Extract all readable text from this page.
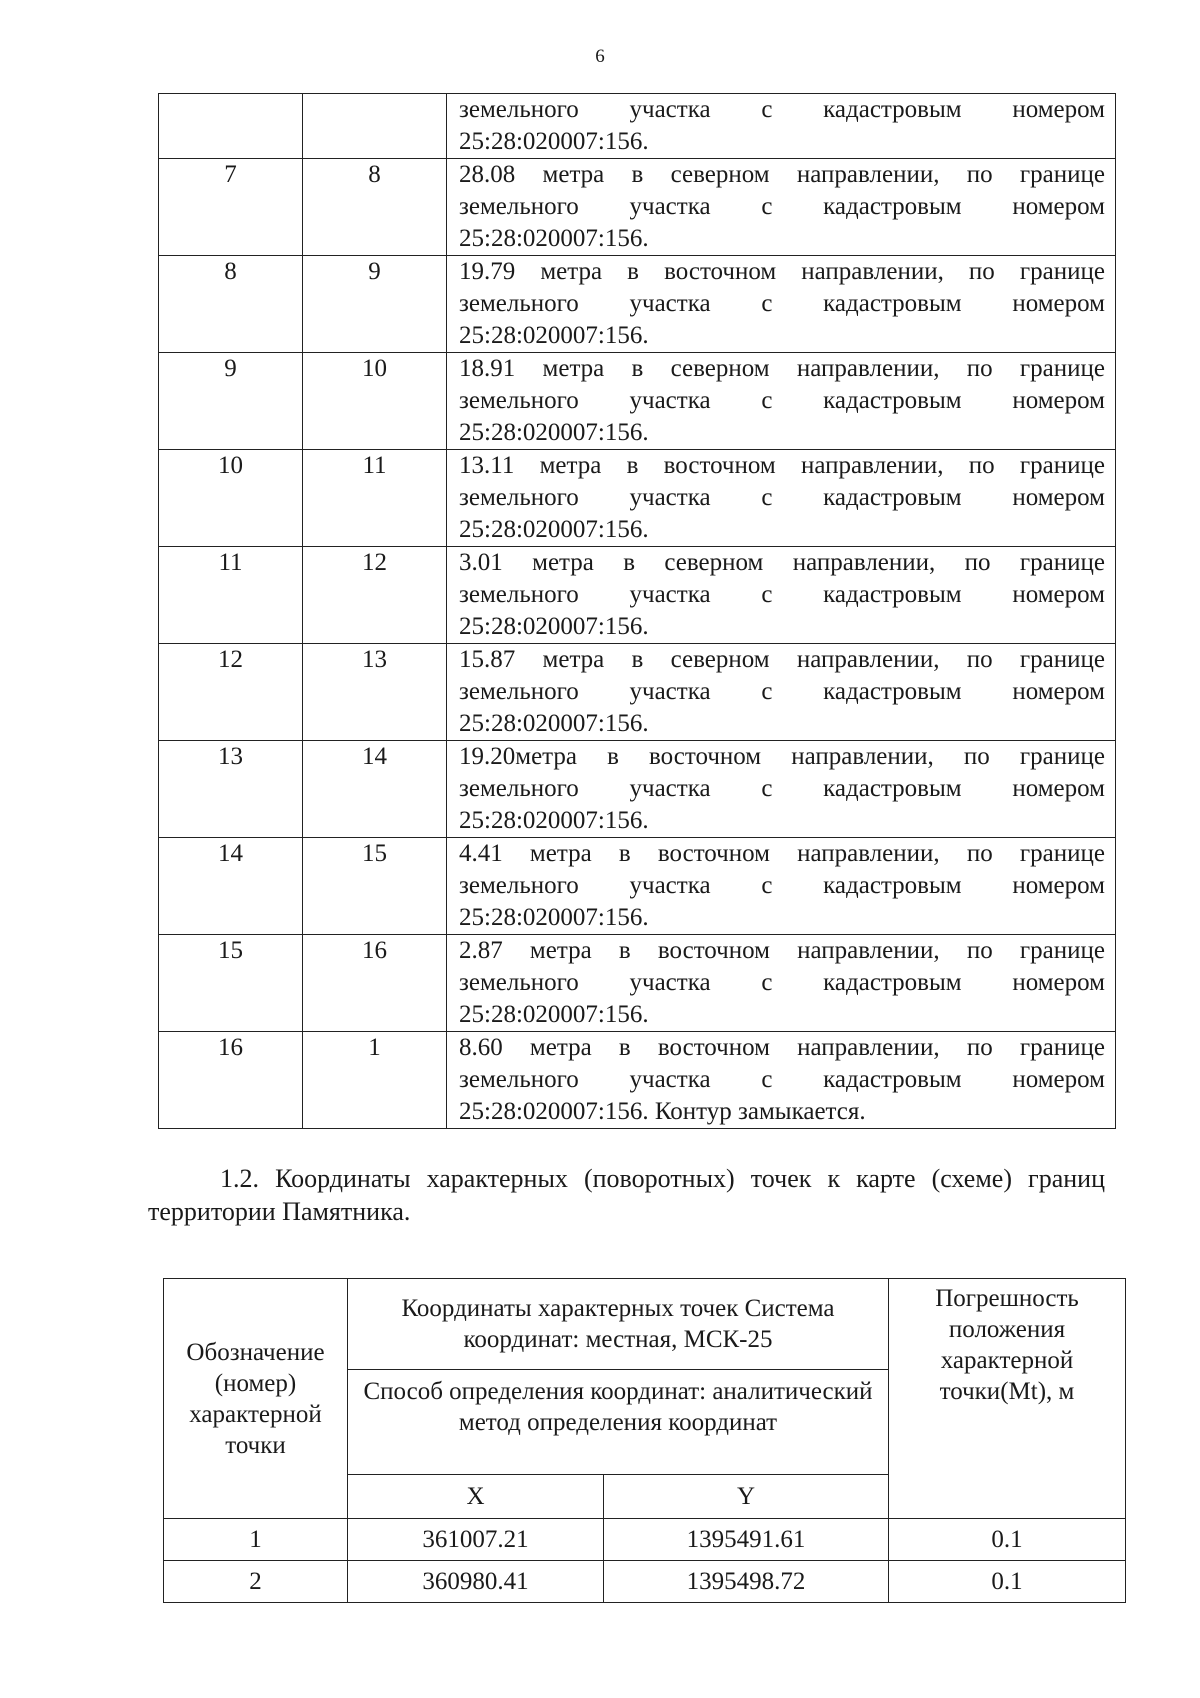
6

		земельного участка с кадастровым номером
25:28:020007:156.

7	8	28.08 метра в северном направлении, по границе
земельного участка с кадастровым номером
25:28:020007:156.

8	9	19.79 метра в восточном направлении, по границе
земельного участка с кадастровым номером
25:28:020007:156.

9	10	18.91 метра в северном направлении, по границе
земельного участка с кадастровым номером
25:28:020007:156.

10	11	13.11 метра в восточном направлении, по границе
земельного участка с кадастровым номером
25:28:020007:156.

11	12	3.01 метра в северном направлении, по границе
земельного участка с кадастровым номером
25:28:020007:156.

12	13	15.87 метра в северном направлении, по границе
земельного участка с кадастровым номером
25:28:020007:156.

13	14	19.20метра в восточном направлении, по границе
земельного участка с кадастровым номером
25:28:020007:156.

14	15	4.41 метра в восточном направлении, по границе
земельного участка с кадастровым номером
25:28:020007:156.

15	16	2.87 метра в восточном направлении, по границе
земельного участка с кадастровым номером
25:28:020007:156.

16	1	8.60 метра в восточном направлении, по границе
земельного участка с кадастровым номером
25:28:020007:156. Контур замыкается.
1.2. Координаты характерных (поворотных) точек к карте (схеме) границ
территории Памятника.
Обозначение (номер) характерной точки	Координаты характерных точек Система координат: местная, МСК-25		Погрешность положения характерной точки(Mt), м
	Способ определения координат: аналитический метод определения координат		
	X	Y	
1	361007.21	1395491.61	0.1
2	360980.41	1395498.72	0.1
